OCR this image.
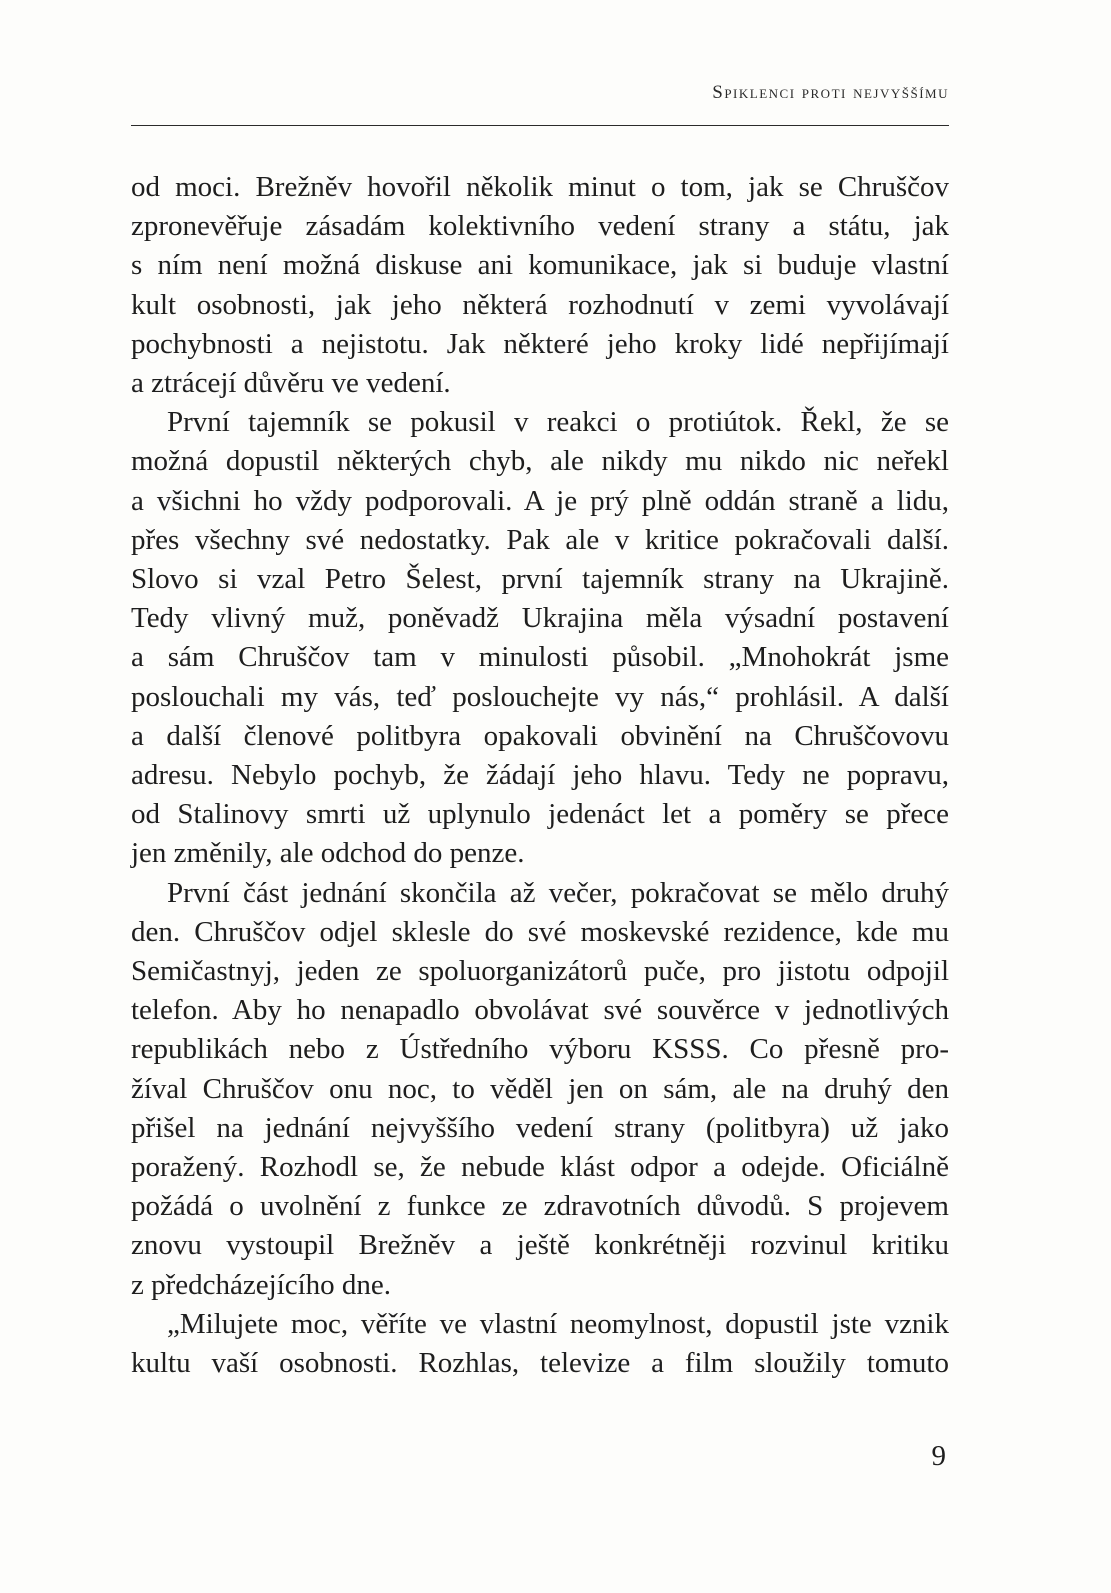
Spiklenci proti nejvyššímu
od moci. Brežněv hovořil několik minut o tom, jak se Chruščov
zpronevěřuje zásadám kolektivního vedení strany a státu, jak
s ním není možná diskuse ani komunikace, jak si buduje vlastní
kult osobnosti, jak jeho některá rozhodnutí v zemi vyvolávají
pochybnosti a nejistotu. Jak některé jeho kroky lidé nepřijímají
a ztrácejí důvěru ve vedení.
První tajemník se pokusil v reakci o protiútok. Řekl, že se
možná dopustil některých chyb, ale nikdy mu nikdo nic neřekl
a všichni ho vždy podporovali. A je prý plně oddán straně a lidu,
přes všechny své nedostatky. Pak ale v kritice pokračovali další.
Slovo si vzal Petro Šelest, první tajemník strany na Ukrajině.
Tedy vlivný muž, poněvadž Ukrajina měla výsadní postavení
a sám Chruščov tam v minulosti působil. „Mnohokrát jsme
poslouchali my vás, teď poslouchejte vy nás,“ prohlásil. A další
a další členové politbyra opakovali obvinění na Chruščovovu
adresu. Nebylo pochyb, že žádají jeho hlavu. Tedy ne popravu,
od Stalinovy smrti už uplynulo jedenáct let a poměry se přece
jen změnily, ale odchod do penze.
První část jednání skončila až večer, pokračovat se mělo druhý
den. Chruščov odjel sklesle do své moskevské rezidence, kde mu
Semičastnyj, jeden ze spoluorganizátorů puče, pro jistotu odpojil
telefon. Aby ho nenapadlo obvolávat své souvěrce v jednotlivých
republikách nebo z Ústředního výboru KSSS. Co přesně pro-
žíval Chruščov onu noc, to věděl jen on sám, ale na druhý den
přišel na jednání nejvyššího vedení strany (politbyra) už jako
poražený. Rozhodl se, že nebude klást odpor a odejde. Oficiálně
požádá o uvolnění z funkce ze zdravotních důvodů. S projevem
znovu vystoupil Brežněv a ještě konkrétněji rozvinul kritiku
z předcházejícího dne.
„Milujete moc, věříte ve vlastní neomylnost, dopustil jste vznik
kultu vaší osobnosti. Rozhlas, televize a film sloužily tomuto
9
